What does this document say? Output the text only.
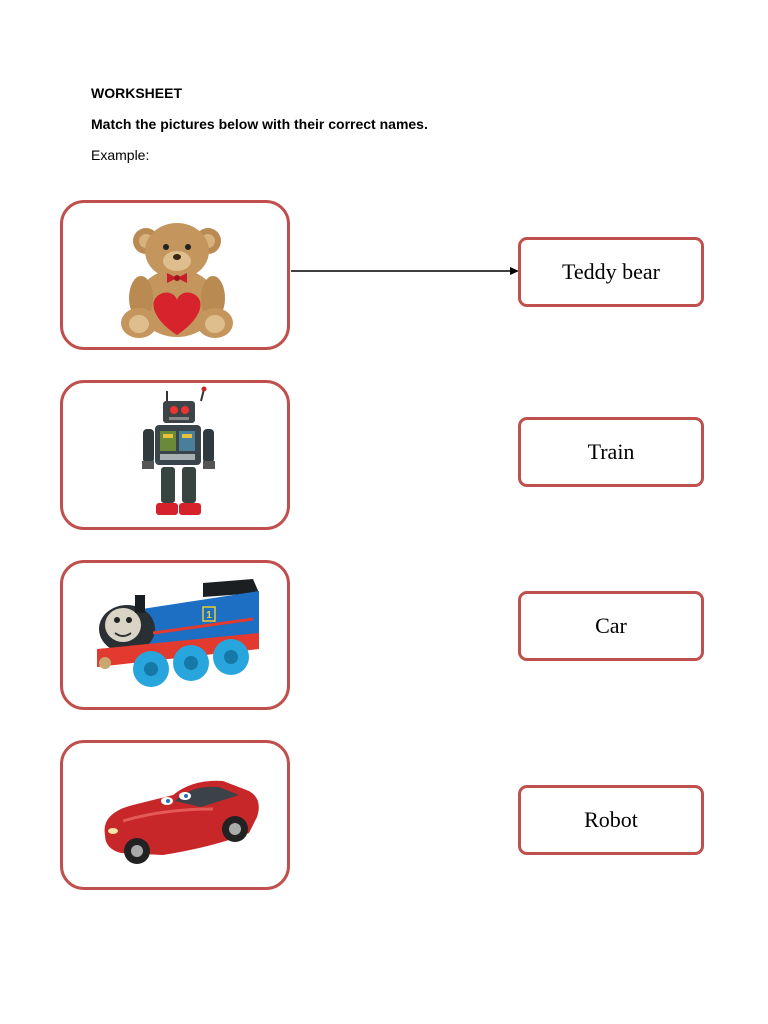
WORKSHEET
Match the pictures below with their correct names.
Example:
1
Teddy bear
Train
Car
Robot
